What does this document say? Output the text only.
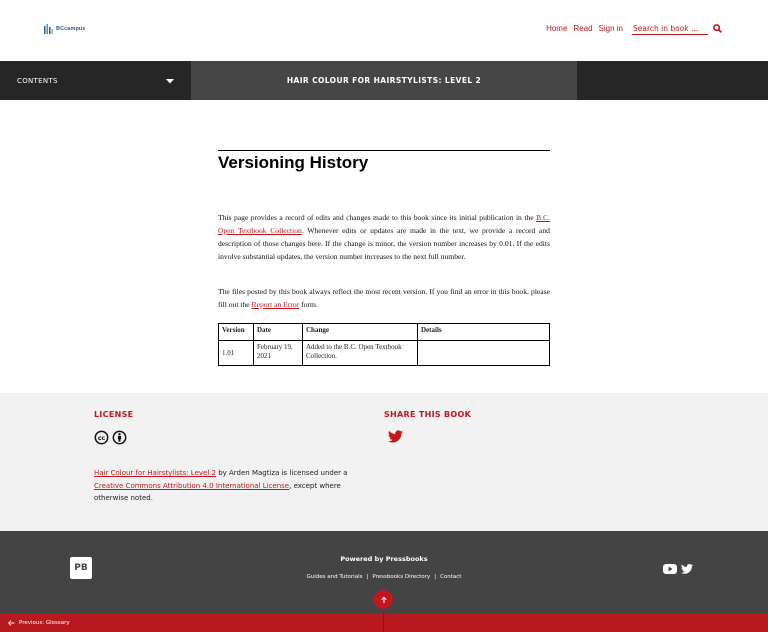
BCcampus	Home Read Sign in
Search in book ...
CONTENTS	HAIR COLOUR FOR HAIRSTYLISTS: LEVEL 2
Versioning History

This page provides a record of edits and changes made to this book since its initial publication in the B.C. Open Textbook Collection. Whenever edits or updates are made in the text, we provide a record and description of those changes here. If the change is minor, the version number increases by 0.01. If the edits involve substantial updates, the version number increases to the next full number.

The files posted by this book always reflect the most recent version. If you find an error in this book, please fill out the Report an Error form.

Version	Date	Change	Details
1.01	February 19, 2021	Added to the B.C. Open Textbook Collection.	
LICENSE
cc
SHARE THIS BOOK

Hair Colour for Hairstylists: Level 2 by Arden Magtiza is licensed under a Creative Commons Attribution 4.0 International License, except where otherwise noted.

PB
Powered by Pressbooks
Guides and Tutorials | Pressbooks Directory | Contact
Previous: Glossary
